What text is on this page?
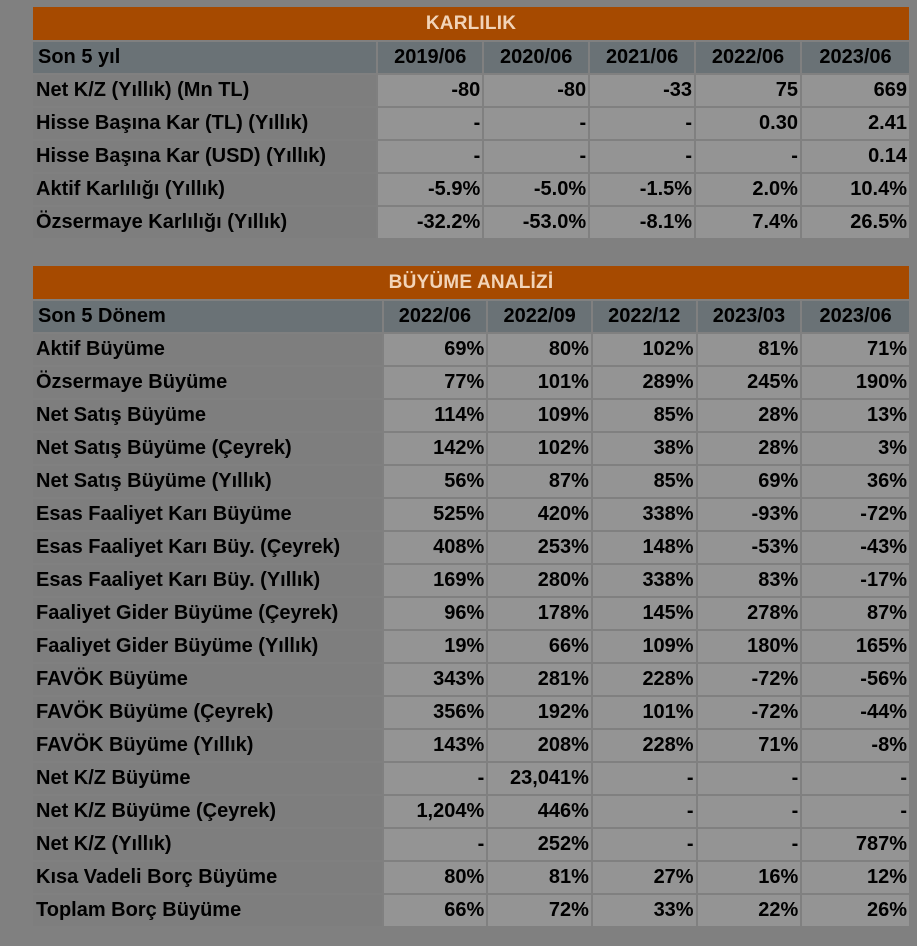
KARLILIK
Son 5 yıl	2019/06	2020/06	2021/06	2022/06	2023/06
Net K/Z (Yıllık) (Mn TL)	-80	-80	-33	75	669
Hisse Başına Kar (TL) (Yıllık)	-	-	-	0.30	2.41
Hisse Başına Kar (USD) (Yıllık)	-	-	-	-	0.14
Aktif Karlılığı (Yıllık)	-5.9%	-5.0%	-1.5%	2.0%	10.4%
Özsermaye Karlılığı (Yıllık)	-32.2%	-53.0%	-8.1%	7.4%	26.5%
BÜYÜME ANALİZİ
Son 5 Dönem	2022/06	2022/09	2022/12	2023/03	2023/06
Aktif Büyüme	69%	80%	102%	81%	71%
Özsermaye Büyüme	77%	101%	289%	245%	190%
Net Satış Büyüme	114%	109%	85%	28%	13%
Net Satış Büyüme (Çeyrek)	142%	102%	38%	28%	3%
Net Satış Büyüme (Yıllık)	56%	87%	85%	69%	36%
Esas Faaliyet Karı Büyüme	525%	420%	338%	-93%	-72%
Esas Faaliyet Karı Büy. (Çeyrek)	408%	253%	148%	-53%	-43%
Esas Faaliyet Karı Büy. (Yıllık)	169%	280%	338%	83%	-17%
Faaliyet Gider Büyüme (Çeyrek)	96%	178%	145%	278%	87%
Faaliyet Gider Büyüme (Yıllık)	19%	66%	109%	180%	165%
FAVÖK Büyüme	343%	281%	228%	-72%	-56%
FAVÖK Büyüme (Çeyrek)	356%	192%	101%	-72%	-44%
FAVÖK Büyüme (Yıllık)	143%	208%	228%	71%	-8%
Net K/Z Büyüme	-	23,041%	-	-	-
Net K/Z Büyüme (Çeyrek)	1,204%	446%	-	-	-
Net K/Z (Yıllık)	-	252%	-	-	787%
Kısa Vadeli Borç Büyüme	80%	81%	27%	16%	12%
Toplam Borç Büyüme	66%	72%	33%	22%	26%
